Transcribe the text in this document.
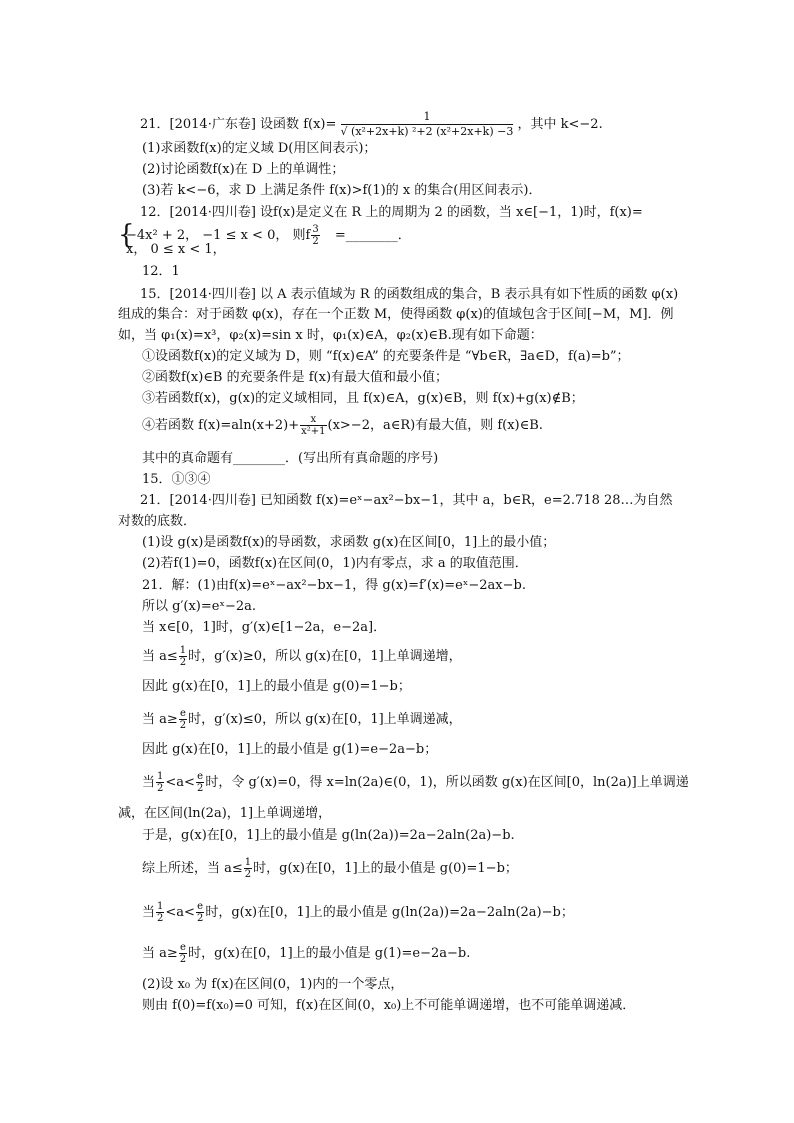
21．[2014·广东卷] 设函数 $f(x)= \frac{1}{\text{√ (x²+2x+k) ²+2 (x²+2x+k) −3}}$ ，其中 k<−2.
(1)求函数f(x)的定义域 D(用区间表示)；
(2)讨论函数f(x)在 D 上的单调性；
(3)若 k<−6，求 D 上满足条件 f(x)>f(1)的 x 的集合(用区间表示)．
12．[2014·四川卷] 设f(x)是定义在 R 上的周期为 2 的函数，当 x∈[−1，1)时，f(x)=
{
−4x² + 2， −1 ≤ x < 0， 则f $\frac{3}{2}$ =________．
x， 0 ≤ x < 1，
12．1
15．[2014·四川卷] 以 A 表示值域为 R 的函数组成的集合，B 表示具有如下性质的函数 φ(x)
组成的集合：对于函数 φ(x)，存在一个正数 M，使得函数 φ(x)的值域包含于区间[−M，M]．例
如，当 φ₁(x)=x³，φ₂(x)=sin x 时，φ₁(x)∈A，φ₂(x)∈B.现有如下命题：
①设函数f(x)的定义域为 D，则 “f(x)∈A” 的充要条件是 “∀b∈R，∃a∈D，f(a)=b”；
②函数f(x)∈B 的充要条件是 f(x)有最大值和最小值；
③若函数f(x)，g(x)的定义域相同，且 f(x)∈A，g(x)∈B，则 f(x)+g(x)∉B；
④若函数 $f(x)=aln(x+2)+ \frac{x}{\text{x²+1}} (x>-2$，a∈R)有最大值，则 f(x)∈B.
其中的真命题有________．(写出所有真命题的序号)
15．①③④
21．[2014·四川卷] 已知函数 f(x)=eˣ−ax²−bx−1，其中 a，b∈R，e=2.718 28…为自然
对数的底数．
(1)设 g(x)是函数f(x)的导函数，求函数 g(x)在区间[0，1]上的最小值；
(2)若f(1)=0，函数f(x)在区间(0，1)内有零点，求 a 的取值范围．
21．解：(1)由f(x)=eˣ−ax²−bx−1，得 g(x)=f′(x)=eˣ−2ax−b.
所以 g′(x)=eˣ−2a.
当 x∈[0，1]时，g′(x)∈[1−2a，e−2a]．
当 $a\le \frac{1}{2}$ 时，g′(x)≥0，所以 g(x)在[0，1]上单调递增，
因此 g(x)在[0，1]上的最小值是 g(0)=1−b；
当 $a\ge \frac{e}{2}$ 时，g′(x)≤0，所以 g(x)在[0，1]上单调递减，
因此 g(x)在[0，1]上的最小值是 g(1)=e−2a−b；
当 $\frac{1}{2} <a< \frac{e}{2}$ 时，令 g′(x)=0，得 x=ln(2a)∈(0，1)，所以函数 g(x)在区间[0，ln(2a)]上单调递
减，在区间(ln(2a)，1]上单调递增，
于是，g(x)在[0，1]上的最小值是 g(ln(2a))=2a−2aln(2a)−b.
综上所述，当 $a\le \frac{1}{2}$ 时，g(x)在[0，1]上的最小值是 g(0)=1−b；
当 $\frac{1}{2} <a< \frac{e}{2}$ 时，g(x)在[0，1]上的最小值是 g(ln(2a))=2a−2aln(2a)−b；
当 $a\ge \frac{e}{2}$ 时，g(x)在[0，1]上的最小值是 g(1)=e−2a−b.
(2)设 x₀ 为 f(x)在区间(0，1)内的一个零点，
则由 f(0)=f(x₀)=0 可知，f(x)在区间(0，x₀)上不可能单调递增，也不可能单调递减．
